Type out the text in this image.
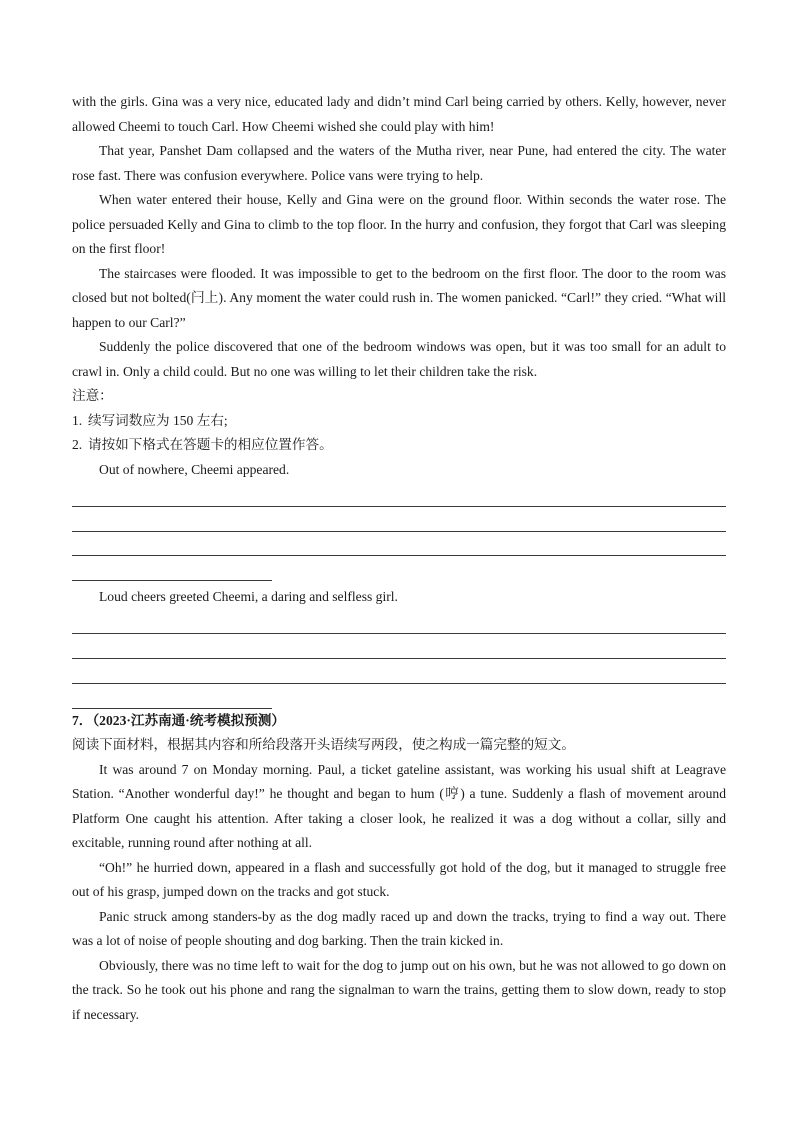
with the girls. Gina was a very nice, educated lady and didn’t mind Carl being carried by others. Kelly, however, never allowed Cheemi to touch Carl. How Cheemi wished she could play with him!

That year, Panshet Dam collapsed and the waters of the Mutha river, near Pune, had entered the city. The water rose fast. There was confusion everywhere. Police vans were trying to help.

When water entered their house, Kelly and Gina were on the ground floor. Within seconds the water rose. The police persuaded Kelly and Gina to climb to the top floor. In the hurry and confusion, they forgot that Carl was sleeping on the first floor!

The staircases were flooded. It was impossible to get to the bedroom on the first floor. The door to the room was closed but not bolted(闩上). Any moment the water could rush in. The women panicked. “Carl!” they cried. “What will happen to our Carl?”

Suddenly the police discovered that one of the bedroom windows was open, but it was too small for an adult to crawl in. Only a child could. But no one was willing to let their children take the risk.

注意：

1. 续写词数应为 150 左右;
2. 请按如下格式在答题卡的相应位置作答。

Out of nowhere, Cheemi appeared.

Loud cheers greeted Cheemi, a daring and selfless girl.

7．（2023·江苏南通·统考模拟预测）

阅读下面材料，根据其内容和所给段落开头语续写两段，使之构成一篇完整的短文。

It was around 7 on Monday morning. Paul, a ticket gateline assistant, was working his usual shift at Leagrave Station. “Another wonderful day!” he thought and began to hum (哼) a tune. Suddenly a flash of movement around Platform One caught his attention. After taking a closer look, he realized it was a dog without a collar, silly and excitable, running round after nothing at all.

“Oh!” he hurried down, appeared in a flash and successfully got hold of the dog, but it managed to struggle free out of his grasp, jumped down on the tracks and got stuck.

Panic struck among standers-by as the dog madly raced up and down the tracks, trying to find a way out. There was a lot of noise of people shouting and dog barking. Then the train kicked in.

Obviously, there was no time left to wait for the dog to jump out on his own, but he was not allowed to go down on the track. So he took out his phone and rang the signalman to warn the trains, getting them to slow down, ready to stop if necessary.
